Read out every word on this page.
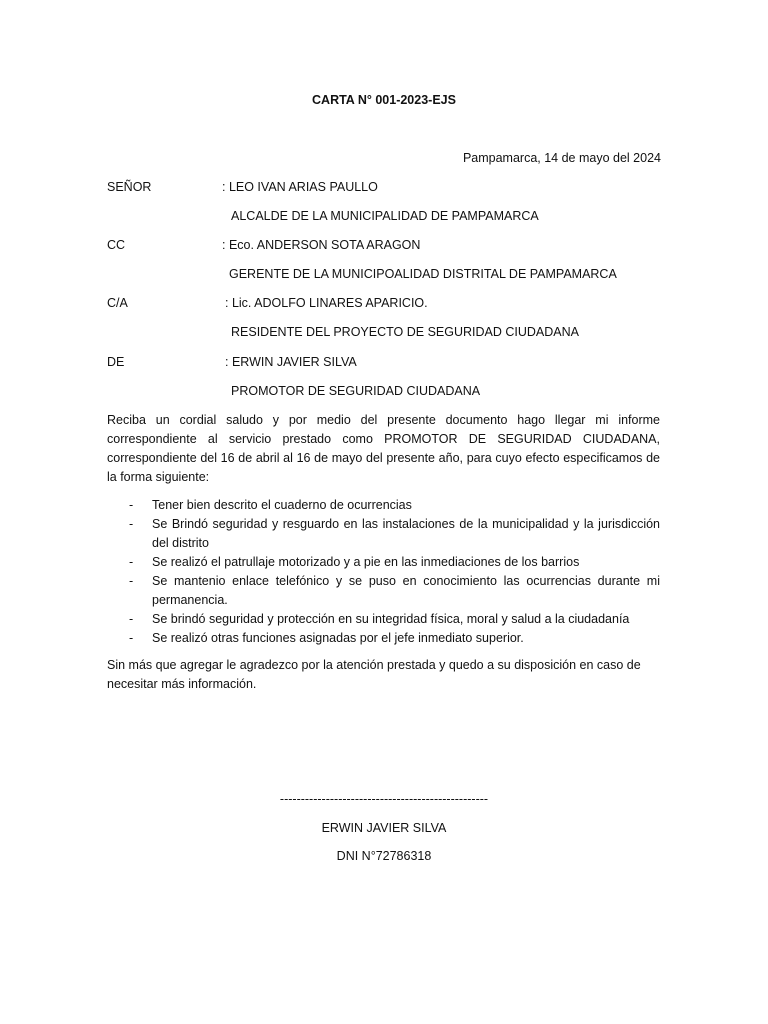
CARTA N° 001-2023-EJS
Pampamarca, 14 de mayo del 2024
SEÑOR	: LEO IVAN ARIAS PAULLO
ALCALDE DE LA MUNICIPALIDAD DE PAMPAMARCA
CC	: Eco. ANDERSON SOTA ARAGON
GERENTE DE LA MUNICIPOALIDAD DISTRITAL DE PAMPAMARCA
C/A	: Lic. ADOLFO LINARES APARICIO.
RESIDENTE DEL PROYECTO DE SEGURIDAD CIUDADANA
DE	: ERWIN JAVIER SILVA
PROMOTOR DE SEGURIDAD CIUDADANA
Reciba un cordial saludo y por medio del presente documento hago llegar mi informe correspondiente al servicio prestado como PROMOTOR DE SEGURIDAD CIUDADANA, correspondiente del 16 de abril al 16 de mayo del presente año, para cuyo efecto especificamos de la forma siguiente:
- Tener bien descrito el cuaderno de ocurrencias
- Se Brindó seguridad y resguardo en las instalaciones de la municipalidad y la jurisdicción del distrito
- Se realizó el patrullaje motorizado y a pie en las inmediaciones de los barrios
- Se mantenio enlace telefónico y se puso en conocimiento las ocurrencias durante mi permanencia.
- Se brindó seguridad y protección en su integridad física, moral y salud a la ciudadanía
- Se realizó otras funciones asignadas por el jefe inmediato superior.
Sin más que agregar le agradezco por la atención prestada y quedo a su disposición en caso de necesitar más información.
--------------------------------------------------
ERWIN JAVIER SILVA
DNI N°72786318
